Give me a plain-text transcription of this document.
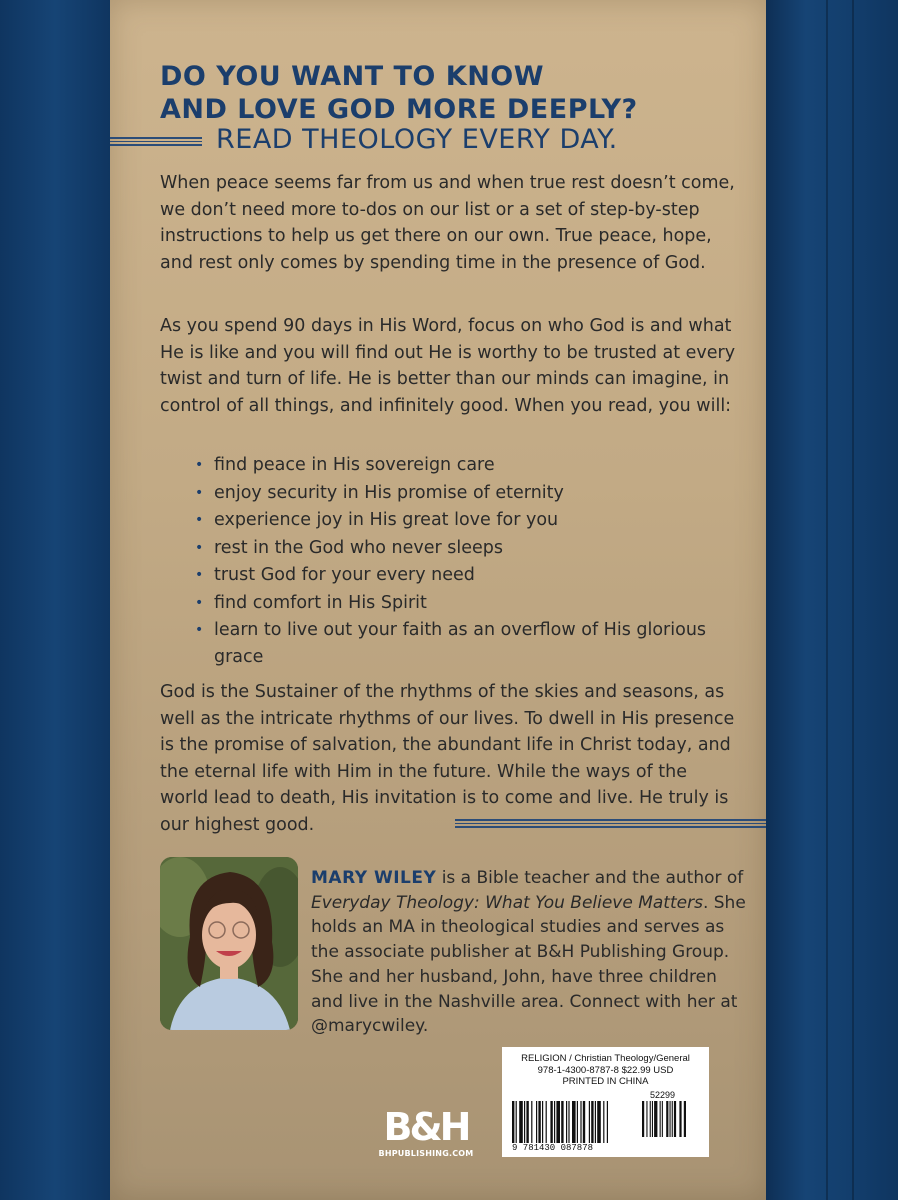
DO YOU WANT TO KNOW
AND LOVE GOD MORE DEEPLY?
READ THEOLOGY EVERY DAY.

When peace seems far from us and when true rest doesn’t come, we don’t need more to-dos on our list or a set of step-by-step instructions to help us get there on our own. True peace, hope, and rest only comes by spending time in the presence of God.

As you spend 90 days in His Word, focus on who God is and what He is like and you will find out He is worthy to be trusted at every twist and turn of life. He is better than our minds can imagine, in control of all things, and infinitely good. When you read, you will:

• find peace in His sovereign care
• enjoy security in His promise of eternity
• experience joy in His great love for you
• rest in the God who never sleeps
• trust God for your every need
• find comfort in His Spirit
• learn to live out your faith as an overflow of His glorious grace

God is the Sustainer of the rhythms of the skies and seasons, as well as the intricate rhythms of our lives. To dwell in His presence is the promise of salvation, the abundant life in Christ today, and the eternal life with Him in the future. While the ways of the world lead to death, His invitation is to come and live. He truly is our highest good.

MARY WILEY is a Bible teacher and the author of Everyday Theology: What You Believe Matters. She holds an MA in theological studies and serves as the associate publisher at B&H Publishing Group. She and her husband, John, have three children and live in the Nashville area. Connect with her at @marycwiley.

B&H
BHPUBLISHING.COM
RELIGION / Christian Theology/General
978-1-4300-8787-8 $22.99 USD
PRINTED IN CHINA
52299
9 781430 087878
